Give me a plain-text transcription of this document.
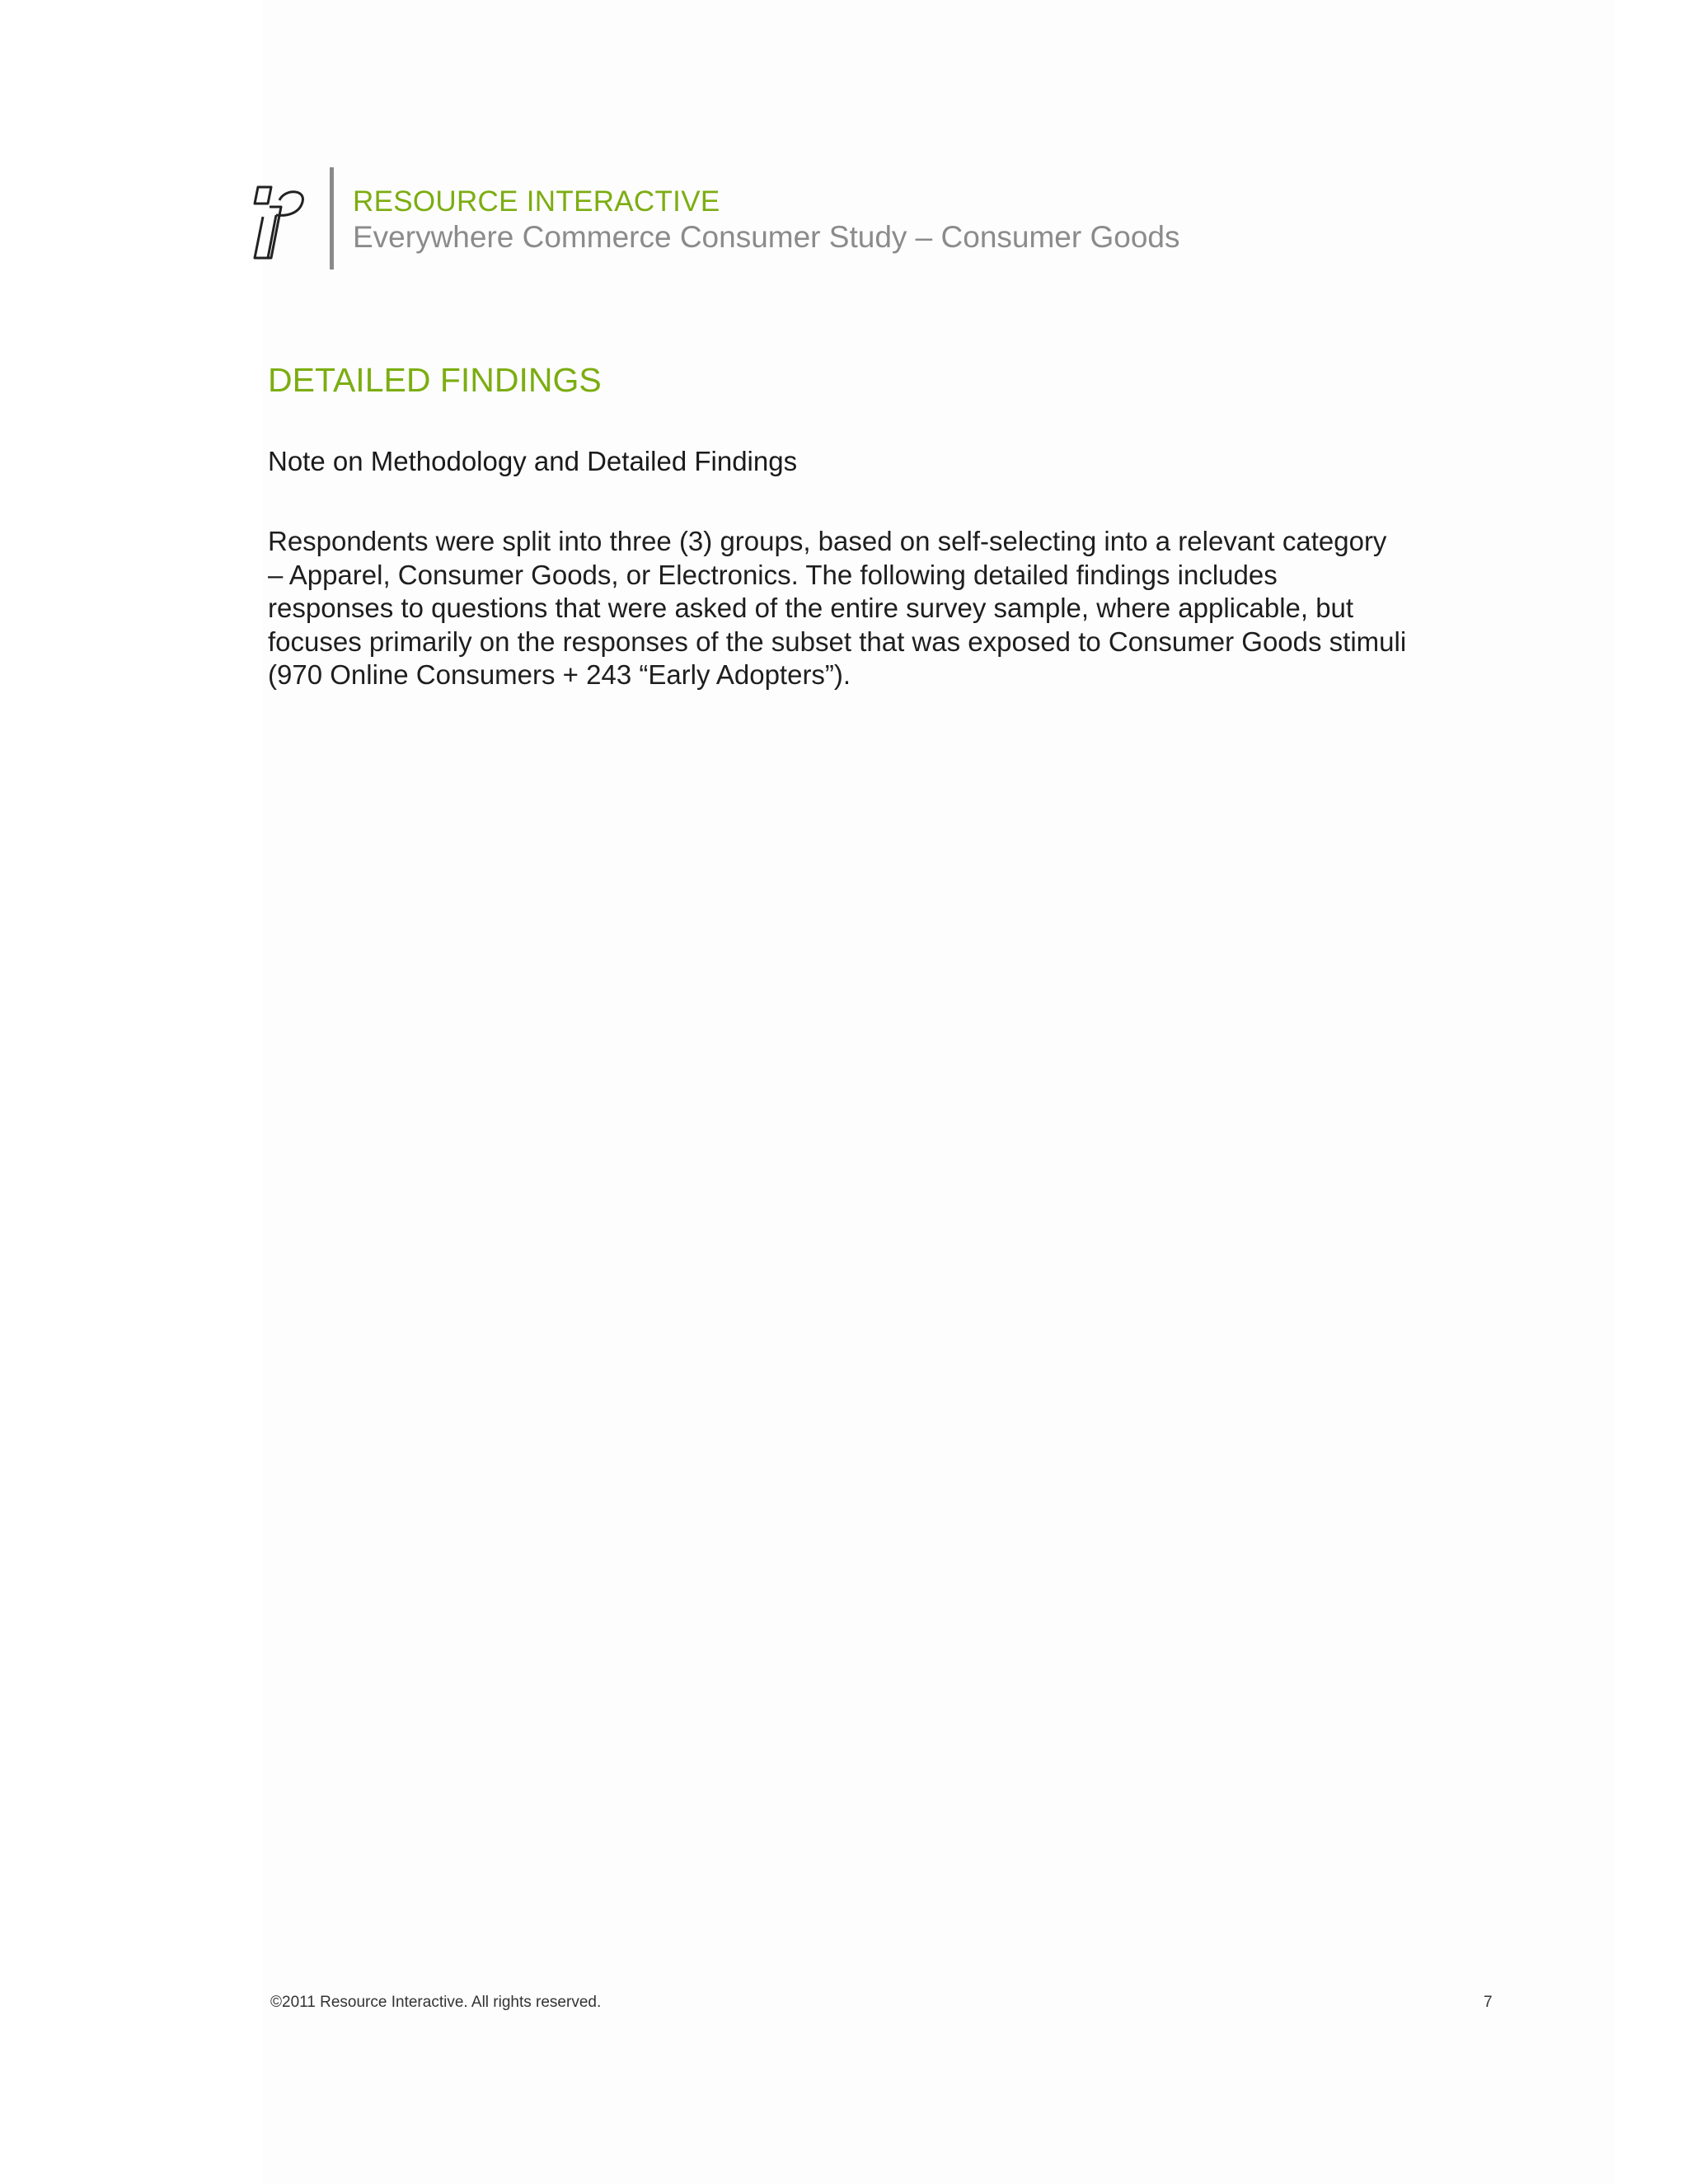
RESOURCE INTERACTIVE
Everywhere Commerce Consumer Study – Consumer Goods
DETAILED FINDINGS
Note on Methodology and Detailed Findings

Respondents were split into three (3) groups, based on self-selecting into a relevant category
– Apparel, Consumer Goods, or Electronics. The following detailed findings includes
responses to questions that were asked of the entire survey sample, where applicable, but
focuses primarily on the responses of the subset that was exposed to Consumer Goods stimuli
(970 Online Consumers + 243 “Early Adopters”).

©2011 Resource Interactive. All rights reserved.	7
